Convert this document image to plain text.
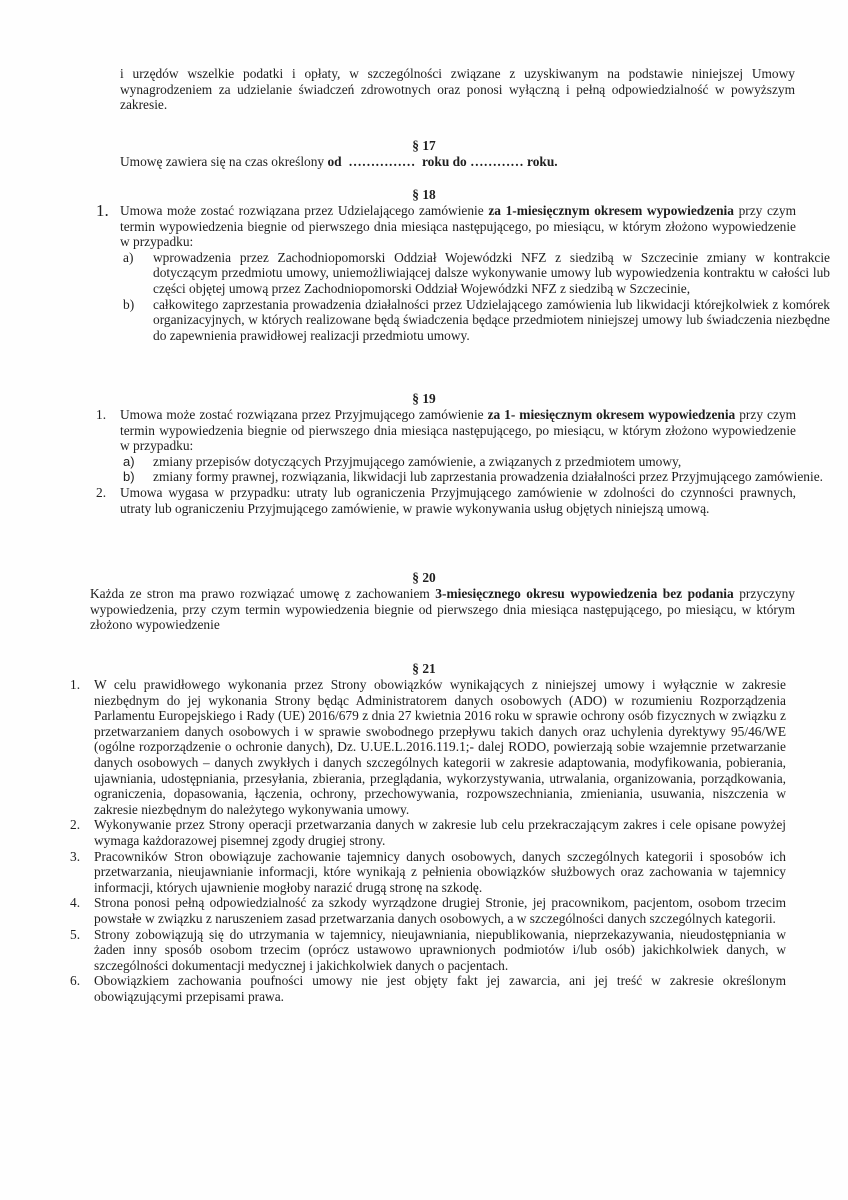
i urzędów wszelkie podatki i opłaty, w szczególności związane z uzyskiwanym na podstawie niniejszej Umowy wynagrodzeniem za udzielanie świadczeń zdrowotnych oraz ponosi wyłączną i pełną odpowiedzialność w powyższym zakresie.
§ 17
Umowę zawiera się na czas określony od  ……………  roku do ………… roku.
§ 18
1. Umowa może zostać rozwiązana przez Udzielającego zamówienie za 1-miesięcznym okresem wypowiedzenia przy czym termin wypowiedzenia biegnie od pierwszego dnia miesiąca następującego, po miesiącu, w którym złożono wypowiedzenie w przypadku:
a) wprowadzenia przez Zachodniopomorski Oddział Wojewódzki NFZ z siedzibą w Szczecinie zmiany w kontrakcie dotyczącym przedmiotu umowy, uniemożliwiającej dalsze wykonywanie umowy lub wypowiedzenia kontraktu w całości lub części objętej umową przez Zachodniopomorski Oddział Wojewódzki NFZ z siedzibą w Szczecinie,
b) całkowitego zaprzestania prowadzenia działalności przez Udzielającego zamówienia lub likwidacji którejkolwiek z komórek organizacyjnych, w których realizowane będą świadczenia będące przedmiotem niniejszej umowy lub świadczenia niezbędne do zapewnienia prawidłowej realizacji przedmiotu umowy.
§ 19
1. Umowa może zostać rozwiązana przez Przyjmującego zamówienie za 1- miesięcznym okresem wypowiedzenia przy czym termin wypowiedzenia biegnie od pierwszego dnia miesiąca następującego, po miesiącu, w którym złożono wypowiedzenie w przypadku:
a) zmiany przepisów dotyczących Przyjmującego zamówienie, a związanych z przedmiotem umowy,
b) zmiany formy prawnej, rozwiązania, likwidacji lub zaprzestania prowadzenia działalności przez Przyjmującego zamówienie.
2. Umowa wygasa w przypadku: utraty lub ograniczenia Przyjmującego zamówienie w zdolności do czynności prawnych, utraty lub ograniczeniu Przyjmującego zamówienie, w prawie wykonywania usług objętych niniejszą umową.
§ 20
Każda ze stron ma prawo rozwiązać umowę z zachowaniem 3-miesięcznego okresu wypowiedzenia bez podania przyczyny wypowiedzenia, przy czym termin wypowiedzenia biegnie od pierwszego dnia miesiąca następującego, po miesiącu, w którym złożono wypowiedzenie
§ 21
1. W celu prawidłowego wykonania przez Strony obowiązków wynikających z niniejszej umowy i wyłącznie w zakresie niezbędnym do jej wykonania Strony będąc Administratorem danych osobowych (ADO) w rozumieniu Rozporządzenia Parlamentu Europejskiego i Rady (UE) 2016/679 z dnia 27 kwietnia 2016 roku w sprawie ochrony osób fizycznych w związku z przetwarzaniem danych osobowych i w sprawie swobodnego przepływu takich danych oraz uchylenia dyrektywy 95/46/WE (ogólne rozporządzenie o ochronie danych), Dz. U.UE.L.2016.119.1;- dalej RODO, powierzają sobie wzajemnie przetwarzanie danych osobowych – danych zwykłych i danych szczególnych kategorii w zakresie adaptowania, modyfikowania, pobierania, ujawniania, udostępniania, przesyłania, zbierania, przeglądania, wykorzystywania, utrwalania, organizowania, porządkowania, ograniczenia, dopasowania, łączenia, ochrony, przechowywania, rozpowszechniania, zmieniania, usuwania, niszczenia w zakresie niezbędnym do należytego wykonywania umowy.
2. Wykonywanie przez Strony operacji przetwarzania danych w zakresie lub celu przekraczającym zakres i cele opisane powyżej wymaga każdorazowej pisemnej zgody drugiej strony.
3. Pracowników Stron obowiązuje zachowanie tajemnicy danych osobowych, danych szczególnych kategorii i sposobów ich przetwarzania, nieujawnianie informacji, które wynikają z pełnienia obowiązków służbowych oraz zachowania w tajemnicy informacji, których ujawnienie mogłoby narazić drugą stronę na szkodę.
4. Strona ponosi pełną odpowiedzialność za szkody wyrządzone drugiej Stronie, jej pracownikom, pacjentom, osobom trzecim powstałe w związku z naruszeniem zasad przetwarzania danych osobowych, a w szczególności danych szczególnych kategorii.
5. Strony zobowiązują się do utrzymania w tajemnicy, nieujawniania, niepublikowania, nieprzekazywania, nieudostępniania w żaden inny sposób osobom trzecim (oprócz ustawowo uprawnionych podmiotów i/lub osób) jakichkolwiek danych, w szczególności dokumentacji medycznej i jakichkolwiek danych o pacjentach.
6. Obowiązkiem zachowania poufności umowy nie jest objęty fakt jej zawarcia, ani jej treść w zakresie określonym obowiązującymi przepisami prawa.
